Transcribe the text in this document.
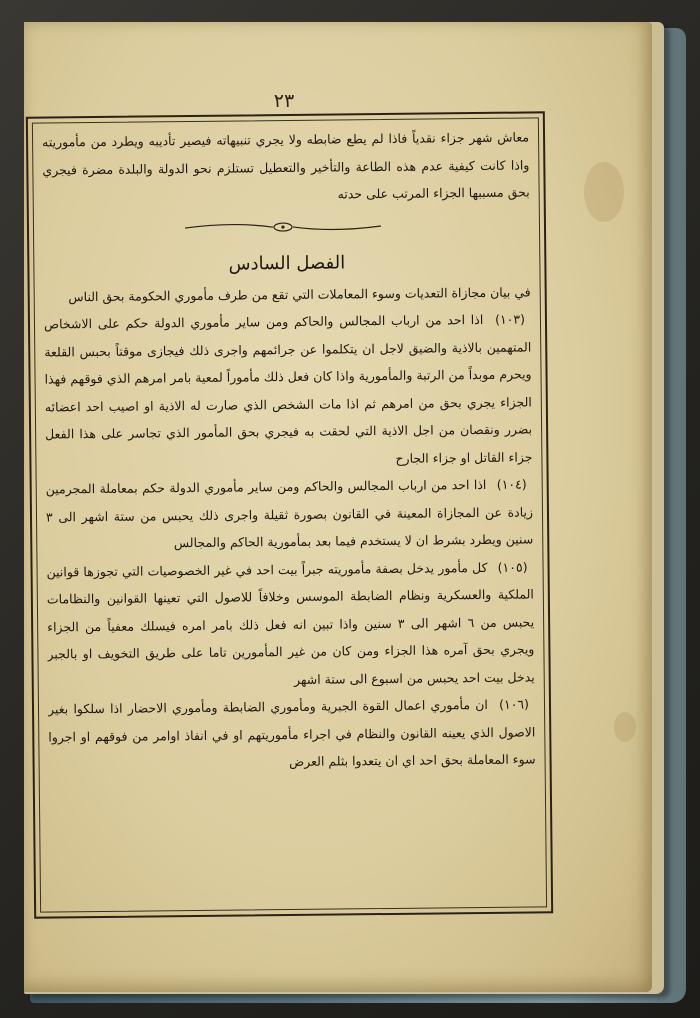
٢٣

معاش شهر جزاء نقدياً فاذا لم يطع ضابطه ولا يجري تنبيهاته فيصير تأديبه ويطرد من مأموريته واذا كانت كيفية عدم هذه الطاعة والتأخير والتعطيل تستلزم نحو الدولة والبلدة مضرة فيجري بحق مسببها الجزاء المرتب على حدته

الفصل السادس

في بيان مجازاة التعديات وسوء المعاملات التي تقع من طرف مأموري الحكومة بحق الناس

(١٠٣) اذا احد من ارباب المجالس والحاكم ومن ساير مأموري الدولة حكم على الاشخاص المتهمين بالاذية والضيق لاجل ان يتكلموا عن جرائمهم واجرى ذلك فيجازى موقتاً بحبس القلعة ويحرم موبداً من الرتبة والمأمورية واذا كان فعل ذلك مأموراً لمعية بامر امرهم الذي فوقهم فهذا الجزاء يجري بحق من امرهم ثم اذا مات الشخص الذي صارت له الاذية او اصيب احد اعضائه بضرر ونقصان من اجل الاذية التي لحقت به فيجري بحق المأمور الذي تجاسر على هذا الفعل جزاء القاتل او جزاء الجارح

(١٠٤) اذا احد من ارباب المجالس والحاكم ومن ساير مأموري الدولة حكم بمعاملة المجرمين زيادة عن المجازاة المعينة في القانون بصورة ثقيلة واجرى ذلك يحبس من ستة اشهر الى ٣ سنين ويطرد بشرط ان لا يستخدم فيما بعد بمأمورية الحاكم والمجالس

(١٠٥) كل مأمور يدخل بصفة مأموريته جبراً بيت احد في غير الخصوصيات التي تجوزها قوانين الملكية والعسكرية ونظام الضابطة الموسس وخلافاً للاصول التي تعينها القوانين والنظامات يحبس من ٦ اشهر الى ٣ سنين واذا تبين انه فعل ذلك بامر امره فيسلك معفياً من الجزاء ويجري بحق آمره هذا الجزاء ومن كان من غير المأمورين تاما على طريق التخويف او بالجبر يدخل بيت احد يحبس من اسبوع الى ستة اشهر

(١٠٦) ان مأموري اعمال القوة الجبرية ومأموري الضابطة ومأموري الاحضار اذا سلكوا بغير الاصول الذي يعينه القانون والنظام في اجراء مأموريتهم او في انفاذ اوامر من فوقهم او اجروا سوء المعاملة بحق احد اي ان يتعدوا بثلم العرض
